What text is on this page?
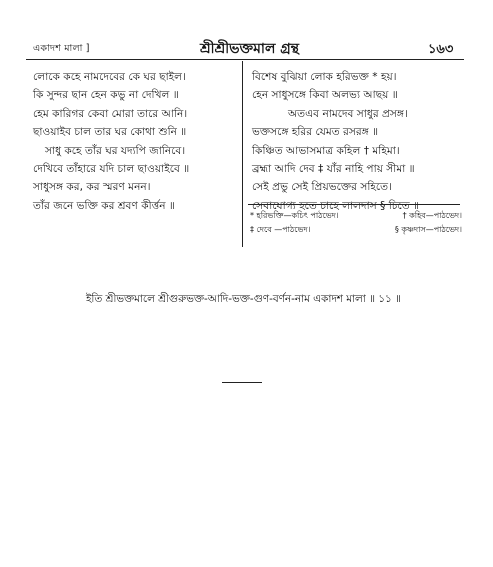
একাদশ মালা ]	শ্রীশ্রীভক্তমাল গ্রন্থ	১৬৩
লোকে কহে নামদেবের কে ঘর ছাইল।
কি সুন্দর ছান হেন কভু না দেখিল ॥
হেম কারিগর কেবা মোরা তারে আনি।
ছাওয়াইব চাল তার ঘর কোথা শুনি ॥
সাধু কহে তাঁর ঘর যদ্যপি জানিবে।
দেখিবে তাঁহারে যদি চাল ছাওয়াইবে ॥
সাধুসঙ্গ কর, কর স্মরণ মনন।
তাঁর জনে ভক্তি কর শ্রবণ কীর্ত্তন ॥
বিশেষ বুঝিয়া লোক হরিভক্ত * হয়।
হেন সাধুসঙ্গে কিবা অলভ্য আছয় ॥
অতএব নামদেব সাধুর প্রসঙ্গ।
ভক্তসঙ্গে হরির যেমত রসরঙ্গ ॥
কিঞ্চিত আভাসমাত্র কহিল † মহিমা।
ব্রহ্মা আদি দেব ‡ যাঁর নাহি পায় সীমা ॥
সেই প্রভু সেই প্রিয়ভক্তের সহিতে।
সেবাযোগ্য হতে চাহে লালদাস § চিতে ॥
* হরিভক্তি—কচিৎ পাঠভেদ।	† কহিব—পাঠভেদ।
‡ দেবে —পাঠভেদ।	§ কৃষ্ণদাস—পাঠভেদ।
ইতি শ্রীভক্তমালে শ্রীগুরুভক্ত-আদি-ভক্ত-গুণ-বর্ণন-নাম একাদশ মালা ॥ ১১ ॥
